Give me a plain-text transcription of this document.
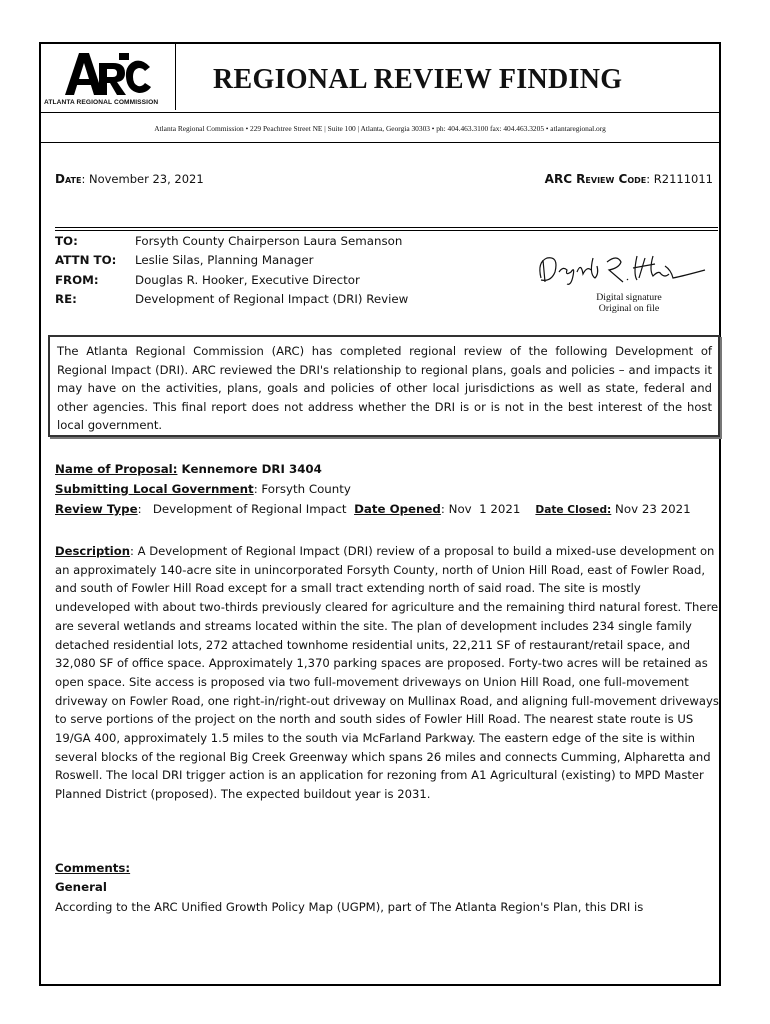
ATLANTA REGIONAL COMMISSION
REGIONAL REVIEW FINDING
Atlanta Regional Commission • 229 Peachtree Street NE | Suite 100 | Atlanta, Georgia 30303 • ph: 404.463.3100 fax: 404.463.3205 • atlantaregional.org
Date: November 23, 2021	ARC Review Code: R2111011
TO:	Forsyth County Chairperson Laura Semanson
ATTN TO: Leslie Silas, Planning Manager
FROM:	Douglas R. Hooker, Executive Director
RE:	Development of Regional Impact (DRI) Review	Digital signature
Original on file
The Atlanta Regional Commission (ARC) has completed regional review of the following Development of Regional Impact (DRI). ARC reviewed the DRI's relationship to regional plans, goals and policies – and impacts it may have on the activities, plans, goals and policies of other local jurisdictions as well as state, federal and other agencies. This final report does not address whether the DRI is or is not in the best interest of the host local government.
Name of Proposal: Kennemore DRI 3404
Submitting Local Government: Forsyth County
Review Type:   Development of Regional Impact  Date Opened: Nov  1 2021    Date Closed: Nov 23 2021
Description: A Development of Regional Impact (DRI) review of a proposal to build a mixed-use development on an approximately 140-acre site in unincorporated Forsyth County, north of Union Hill Road, east of Fowler Road, and south of Fowler Hill Road except for a small tract extending north of said road. The site is mostly undeveloped with about two-thirds previously cleared for agriculture and the remaining third natural forest. There are several wetlands and streams located within the site. The plan of development includes 234 single family detached residential lots, 272 attached townhome residential units, 22,211 SF of restaurant/retail space, and 32,080 SF of office space. Approximately 1,370 parking spaces are proposed. Forty-two acres will be retained as open space. Site access is proposed via two full-movement driveways on Union Hill Road, one full-movement driveway on Fowler Road, one right-in/right-out driveway on Mullinax Road, and aligning full-movement driveways to serve portions of the project on the north and south sides of Fowler Hill Road. The nearest state route is US 19/GA 400, approximately 1.5 miles to the south via McFarland Parkway. The eastern edge of the site is within several blocks of the regional Big Creek Greenway which spans 26 miles and connects Cumming, Alpharetta and Roswell. The local DRI trigger action is an application for rezoning from A1 Agricultural (existing) to MPD Master Planned District (proposed). The expected buildout year is 2031.
Comments:
General
According to the ARC Unified Growth Policy Map (UGPM), part of The Atlanta Region's Plan, this DRI is
